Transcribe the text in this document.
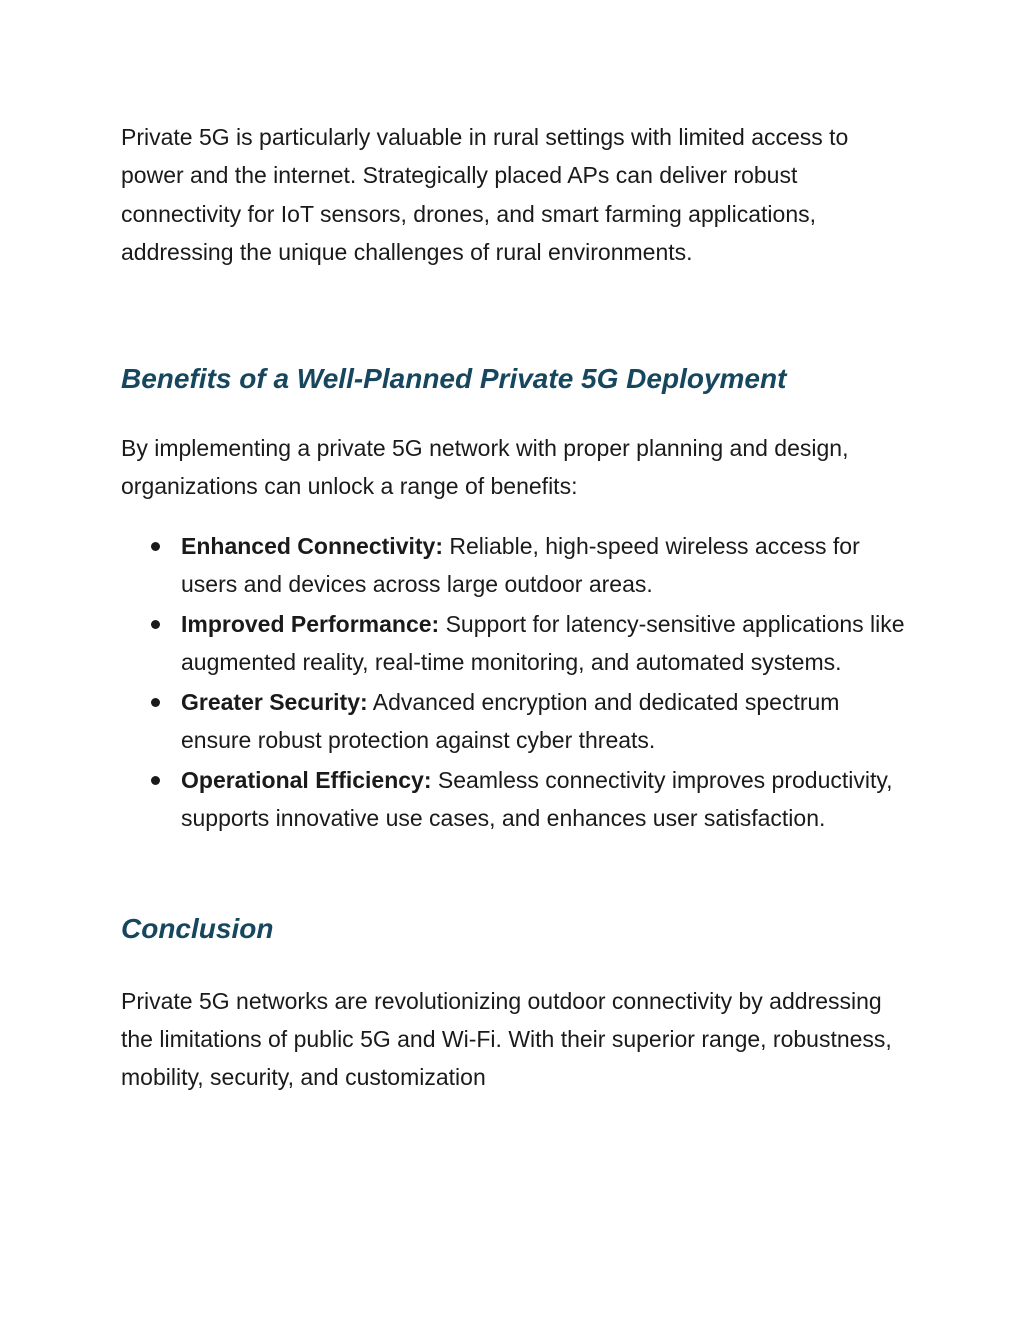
Private 5G is particularly valuable in rural settings with limited access to power and the internet. Strategically placed APs can deliver robust connectivity for IoT sensors, drones, and smart farming applications, addressing the unique challenges of rural environments.

Benefits of a Well-Planned Private 5G Deployment

By implementing a private 5G network with proper planning and design, organizations can unlock a range of benefits:

Enhanced Connectivity: Reliable, high-speed wireless access for users and devices across large outdoor areas.
Improved Performance: Support for latency-sensitive applications like augmented reality, real-time monitoring, and automated systems.
Greater Security: Advanced encryption and dedicated spectrum ensure robust protection against cyber threats.
Operational Efficiency: Seamless connectivity improves productivity, supports innovative use cases, and enhances user satisfaction.
Conclusion

Private 5G networks are revolutionizing outdoor connectivity by addressing the limitations of public 5G and Wi-Fi. With their superior range, robustness, mobility, security, and customization
